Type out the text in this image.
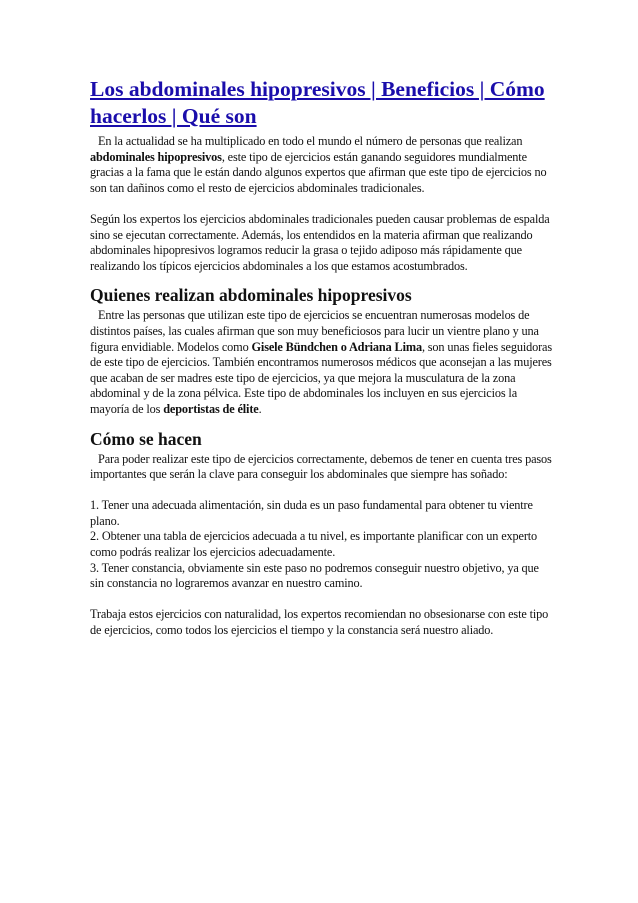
Los abdominales hipopresivos | Beneficios | Cómo hacerlos | Qué son

En la actualidad se ha multiplicado en todo el mundo el número de personas que realizan abdominales hipopresivos, este tipo de ejercicios están ganando seguidores mundialmente gracias a la fama que le están dando algunos expertos que afirman que este tipo de ejercicios no son tan dañinos como el resto de ejercicios abdominales tradicionales.

Según los expertos los ejercicios abdominales tradicionales pueden causar problemas de espalda sino se ejecutan correctamente. Además, los entendidos en la materia afirman que realizando abdominales hipopresivos logramos reducir la grasa o tejido adiposo más rápidamente que realizando los típicos ejercicios abdominales a los que estamos acostumbrados.

Quienes realizan abdominales hipopresivos

Entre las personas que utilizan este tipo de ejercicios se encuentran numerosas modelos de distintos países, las cuales afirman que son muy beneficiosos para lucir un vientre plano y una figura envidiable. Modelos como Gisele Bündchen o Adriana Lima, son unas fieles seguidoras de este tipo de ejercicios. También encontramos numerosos médicos que aconsejan a las mujeres que acaban de ser madres este tipo de ejercicios, ya que mejora la musculatura de la zona abdominal y de la zona pélvica. Este tipo de abdominales los incluyen en sus ejercicios la mayoría de los deportistas de élite.

Cómo se hacen

Para poder realizar este tipo de ejercicios correctamente, debemos de tener en cuenta tres pasos importantes que serán la clave para conseguir los abdominales que siempre has soñado:

1. Tener una adecuada alimentación, sin duda es un paso fundamental para obtener tu vientre plano.

2. Obtener una tabla de ejercicios adecuada a tu nivel, es importante planificar con un experto como podrás realizar los ejercicios adecuadamente.

3. Tener constancia, obviamente sin este paso no podremos conseguir nuestro objetivo, ya que sin constancia no lograremos avanzar en nuestro camino.

Trabaja estos ejercicios con naturalidad, los expertos recomiendan no obsesionarse con este tipo de ejercicios, como todos los ejercicios el tiempo y la constancia será nuestro aliado.
